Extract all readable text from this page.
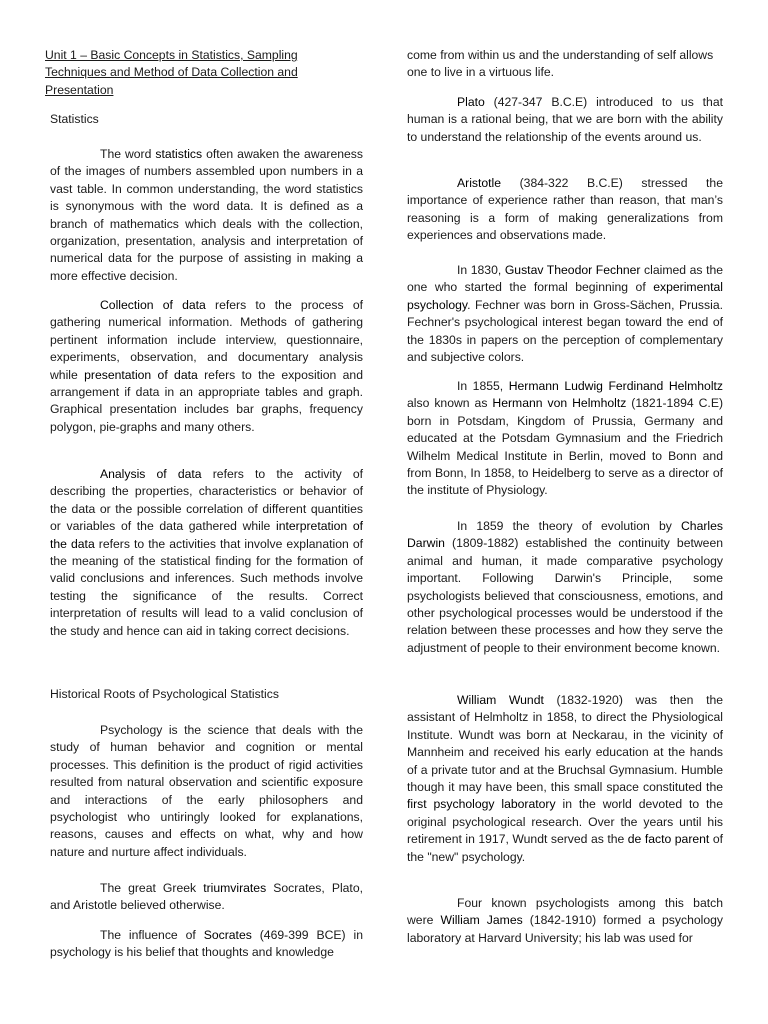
Unit 1 – Basic Concepts in Statistics, Sampling Techniques and Method of Data Collection and Presentation

Statistics

The word statistics often awaken the awareness of the images of numbers assembled upon numbers in a vast table. In common understanding, the word statistics is synonymous with the word data. It is defined as a branch of mathematics which deals with the collection, organization, presentation, analysis and interpretation of numerical data for the purpose of assisting in making a more effective decision.

Collection of data refers to the process of gathering numerical information. Methods of gathering pertinent information include interview, questionnaire, experiments, observation, and documentary analysis while presentation of data refers to the exposition and arrangement if data in an appropriate tables and graph. Graphical presentation includes bar graphs, frequency polygon, pie-graphs and many others.

Analysis of data refers to the activity of describing the properties, characteristics or behavior of the data or the possible correlation of different quantities or variables of the data gathered while interpretation of the data refers to the activities that involve explanation of the meaning of the statistical finding for the formation of valid conclusions and inferences. Such methods involve testing the significance of the results. Correct interpretation of results will lead to a valid conclusion of the study and hence can aid in taking correct decisions.

Historical Roots of Psychological Statistics

Psychology is the science that deals with the study of human behavior and cognition or mental processes. This definition is the product of rigid activities resulted from natural observation and scientific exposure and interactions of the early philosophers and psychologist who untiringly looked for explanations, reasons, causes and effects on what, why and how nature and nurture affect individuals.

The great Greek triumvirates Socrates, Plato, and Aristotle believed otherwise.

The influence of Socrates (469-399 BCE) in psychology is his belief that thoughts and knowledge

come from within us and the understanding of self allows one to live in a virtuous life.

Plato (427-347 B.C.E) introduced to us that human is a rational being, that we are born with the ability to understand the relationship of the events around us.

Aristotle (384-322 B.C.E) stressed the importance of experience rather than reason, that man’s reasoning is a form of making generalizations from experiences and observations made.

In 1830, Gustav Theodor Fechner claimed as the one who started the formal beginning of experimental psychology. Fechner was born in Gross-Sächen, Prussia. Fechner's psychological interest began toward the end of the 1830s in papers on the perception of complementary and subjective colors.

In 1855, Hermann Ludwig Ferdinand Helmholtz also known as Hermann von Helmholtz (1821-1894 C.E) born in Potsdam, Kingdom of Prussia, Germany and educated at the Potsdam Gymnasium and the Friedrich Wilhelm Medical Institute in Berlin, moved to Bonn and from Bonn, In 1858, to Heidelberg to serve as a director of the institute of Physiology.

In 1859 the theory of evolution by Charles Darwin (1809-1882) established the continuity between animal and human, it made comparative psychology important. Following Darwin's Principle, some psychologists believed that consciousness, emotions, and other psychological processes would be understood if the relation between these processes and how they serve the adjustment of people to their environment become known.

William Wundt (1832-1920) was then the assistant of Helmholtz in 1858, to direct the Physiological Institute. Wundt was born at Neckarau, in the vicinity of Mannheim and received his early education at the hands of a private tutor and at the Bruchsal Gymnasium. Humble though it may have been, this small space constituted the first psychology laboratory in the world devoted to the original psychological research. Over the years until his retirement in 1917, Wundt served as the de facto parent of the "new" psychology.

Four known psychologists among this batch were William James (1842-1910) formed a psychology laboratory at Harvard University; his lab was used for
